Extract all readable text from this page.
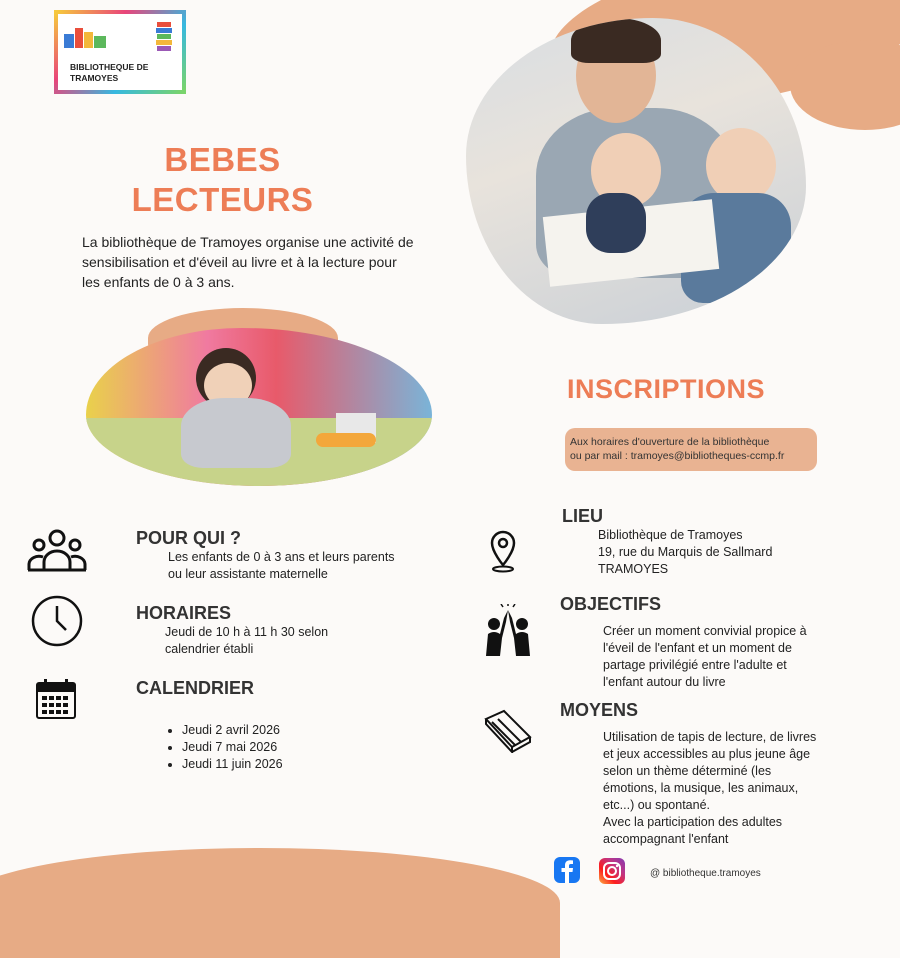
BIBLIOTHEQUE DE
TRAMOYES
BEBES
LECTEURS
La bibliothèque de Tramoyes organise une activité de sensibilisation et d'éveil au livre et à la lecture pour les enfants de 0 à 3 ans.
INSCRIPTIONS
Aux horaires d'ouverture de la bibliothèque
ou par mail : tramoyes@bibliotheques-ccmp.fr
POUR QUI ?
Les enfants de 0 à 3 ans et leurs parents ou leur assistante maternelle
HORAIRES
Jeudi de 10 h à 11 h 30 selon
calendrier établi
CALENDRIER
• Jeudi 2 avril 2026
• Jeudi 7 mai 2026
• Jeudi 11 juin 2026
LIEU
Bibliothèque de Tramoyes
19, rue du Marquis de Sallmard
TRAMOYES
OBJECTIFS
Créer un moment convivial propice à l'éveil de l'enfant et un moment de partage privilégié entre l'adulte et l'enfant autour du livre
MOYENS
Utilisation de tapis de lecture, de livres et jeux accessibles au plus jeune âge selon un thème déterminé (les émotions, la musique, les animaux, etc...) ou spontané.
Avec la participation des adultes accompagnant l'enfant
@ bibliotheque.tramoyes
